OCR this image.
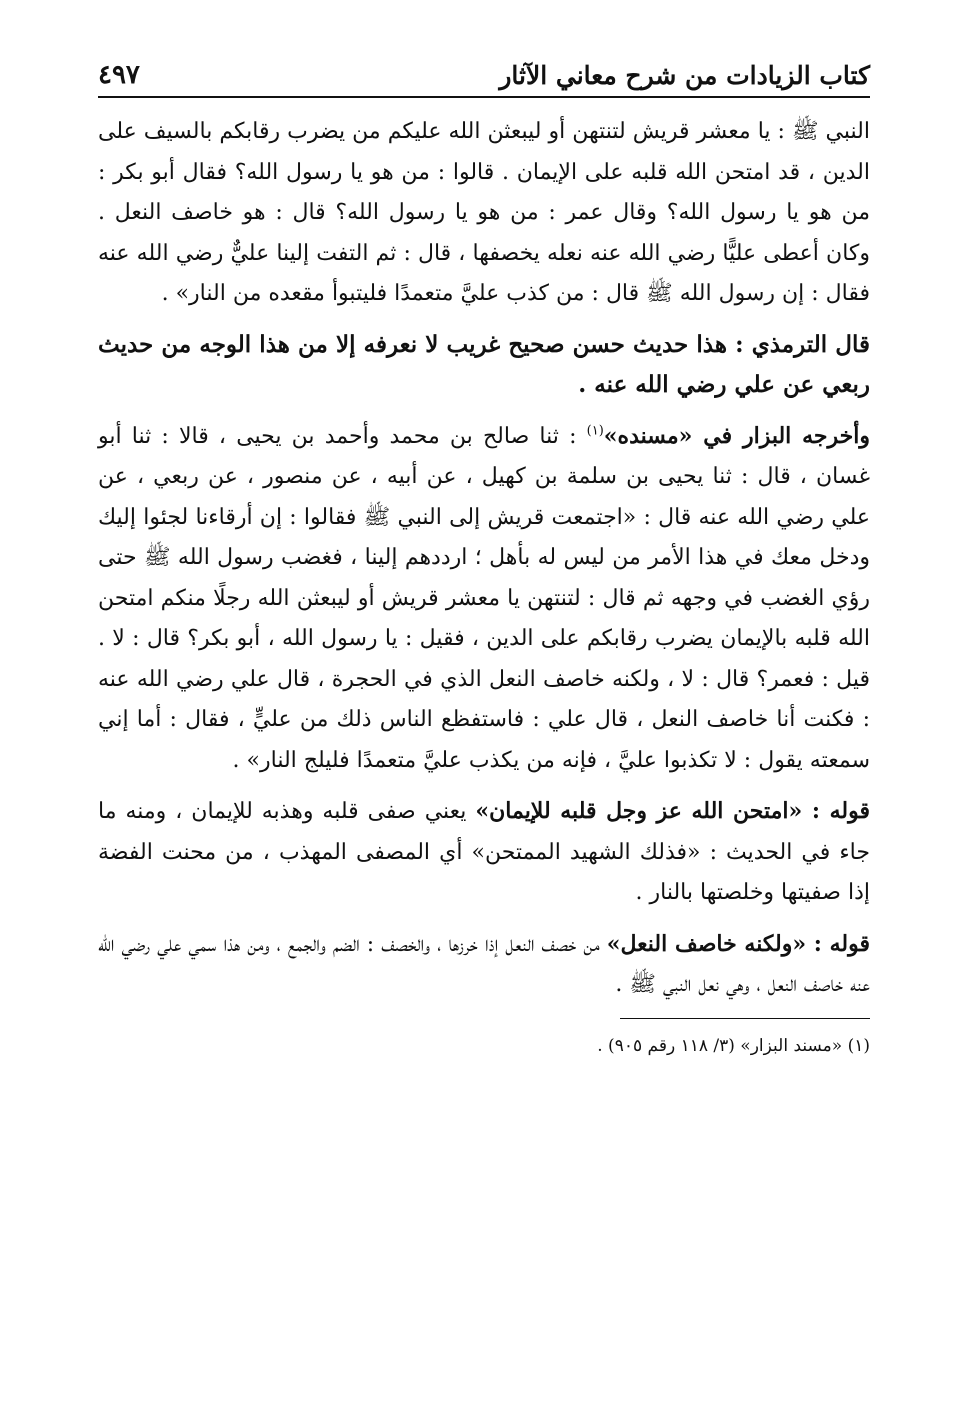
كتاب الزيادات من شرح معاني الآثار
٤٩٧

النبي ﷺ : يا معشر قريش لتنتهن أو ليبعثن الله عليكم من يضرب رقابكم بالسيف على الدين ، قد امتحن الله قلبه على الإيمان . قالوا : من هو يا رسول الله؟ فقال أبو بكر : من هو يا رسول الله؟ وقال عمر : من هو يا رسول الله؟ قال : هو خاصف النعل . وكان أعطى عليًّا رضي الله عنه نعله يخصفها ، قال : ثم التفت إلينا عليٌّ رضي الله عنه فقال : إن رسول الله ﷺ قال : من كذب عليَّ متعمدًا فليتبوأ مقعده من النار» .

قال الترمذي : هذا حديث حسن صحيح غريب لا نعرفه إلا من هذا الوجه من حديث ربعي عن علي رضي الله عنه .

وأخرجه البزار في «مسنده»$^{(١)}$ : ثنا صالح بن محمد وأحمد بن يحيى ، قالا : ثنا أبو غسان ، قال : ثنا يحيى بن سلمة بن كهيل ، عن أبيه ، عن منصور ، عن ربعي ، عن علي رضي الله عنه قال : «اجتمعت قريش إلى النبي ﷺ فقالوا : إن أرقاءنا لجئوا إليك ودخل معك في هذا الأمر من ليس له بأهل ؛ ارددهم إلينا ، فغضب رسول الله ﷺ حتى رؤي الغضب في وجهه ثم قال : لتنتهن يا معشر قريش أو ليبعثن الله رجلًا منكم امتحن الله قلبه بالإيمان يضرب رقابكم على الدين ، فقيل : يا رسول الله ، أبو بكر؟ قال : لا . قيل : فعمر؟ قال : لا ، ولكنه خاصف النعل الذي في الحجرة ، قال علي رضي الله عنه : فكنت أنا خاصف النعل ، قال علي : فاستفظع الناس ذلك من عليٍّ ، فقال : أما إني سمعته يقول : لا تكذبوا عليَّ ، فإنه من يكذب عليَّ متعمدًا فليلج النار» .

قوله : «امتحن الله عز وجل قلبه للإيمان» يعني صفى قلبه وهذبه للإيمان ، ومنه ما جاء في الحديث : «فذلك الشهيد الممتحن» أي المصفى المهذب ، من محنت الفضة إذا صفيتها وخلصتها بالنار .

قوله : «ولكنه خاصف النعل» من خصف النعل إذا خرزها ، والخصف : الضم والجمع ، ومن هذا سمي علي رضي الله عنه خاصف النعل ، وهي نعل النبي ﷺ .

(١) «مسند البزار» (٣/ ١١٨ رقم ٩٠٥) .
